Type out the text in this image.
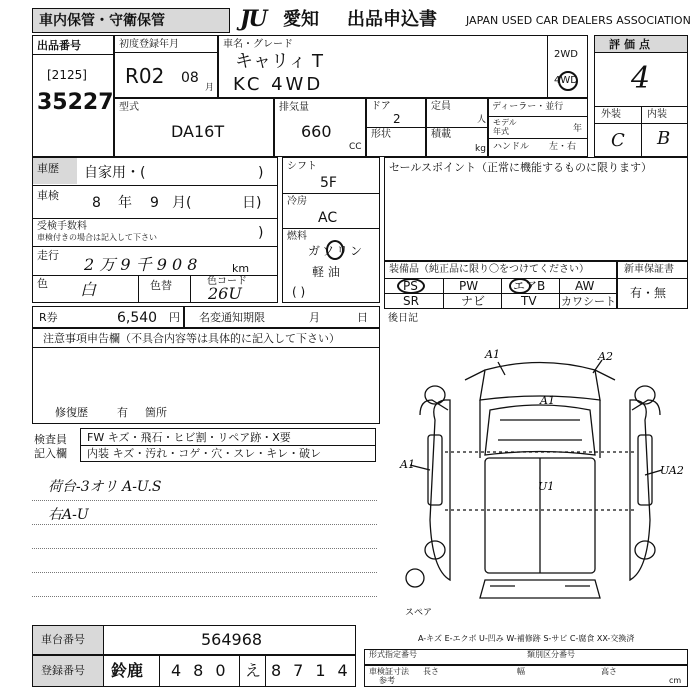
車内保管・守衛保管	JU 愛知 出品申込書	JAPAN USED CAR DEALERS ASSOCIATION
出品番号
[2125]
35227
初度登録年月
R02 08
月
車名・グレード
キャリィ T
KC 4WD
2WD
4WD
評価点
4
外装	内装
C B
型式
DA16T
排気量
660
CC
ドア
2
形状
定員
人
積載
kg
ディーラー・並行
モデル
年式	年
ハンドル 左・右
車歴 自家用・(	)
車検 8 年 9 月(	日)
受検手数料
車検付きの場合は記入して下さい	)
走行 2 万 9 千 9 0 8	km
色 白	色替	色コード
26U
シフト
5F
冷房
AC
燃料
ガソリン
軽 油
( )
セールスポイント（正常に機能するものに限ります）
装備品（純正品に限り〇をつけてください）
PS	PW	エアB AW
SR	ナビ	TV カワシート
新車保証書
有・無
R券	6,540 円 名変通知期限	月	日
注意事項申告欄（不具合内容等は具体的に記入して下さい）
修復歴	有 箇所
後日記
検査員
記入欄
FW キズ・飛石・ヒビ割・リペア跡・X要
内装 キズ・汚れ・コゲ・穴・スレ・キレ・破レ
荷台-3オリ A-U.S
右A-U
A1	A2
A1
A1
U1
UA2
スペア
A-キズ E-エクボ U-凹み W-補修跡 S-サビ C-腐食 XX-交換済
車台番号	564968
登録番号 鈴鹿 480 え 8714
形式指定番号	類別区分番号
車検証寸法
参考
長さ	幅	高さ
cm
